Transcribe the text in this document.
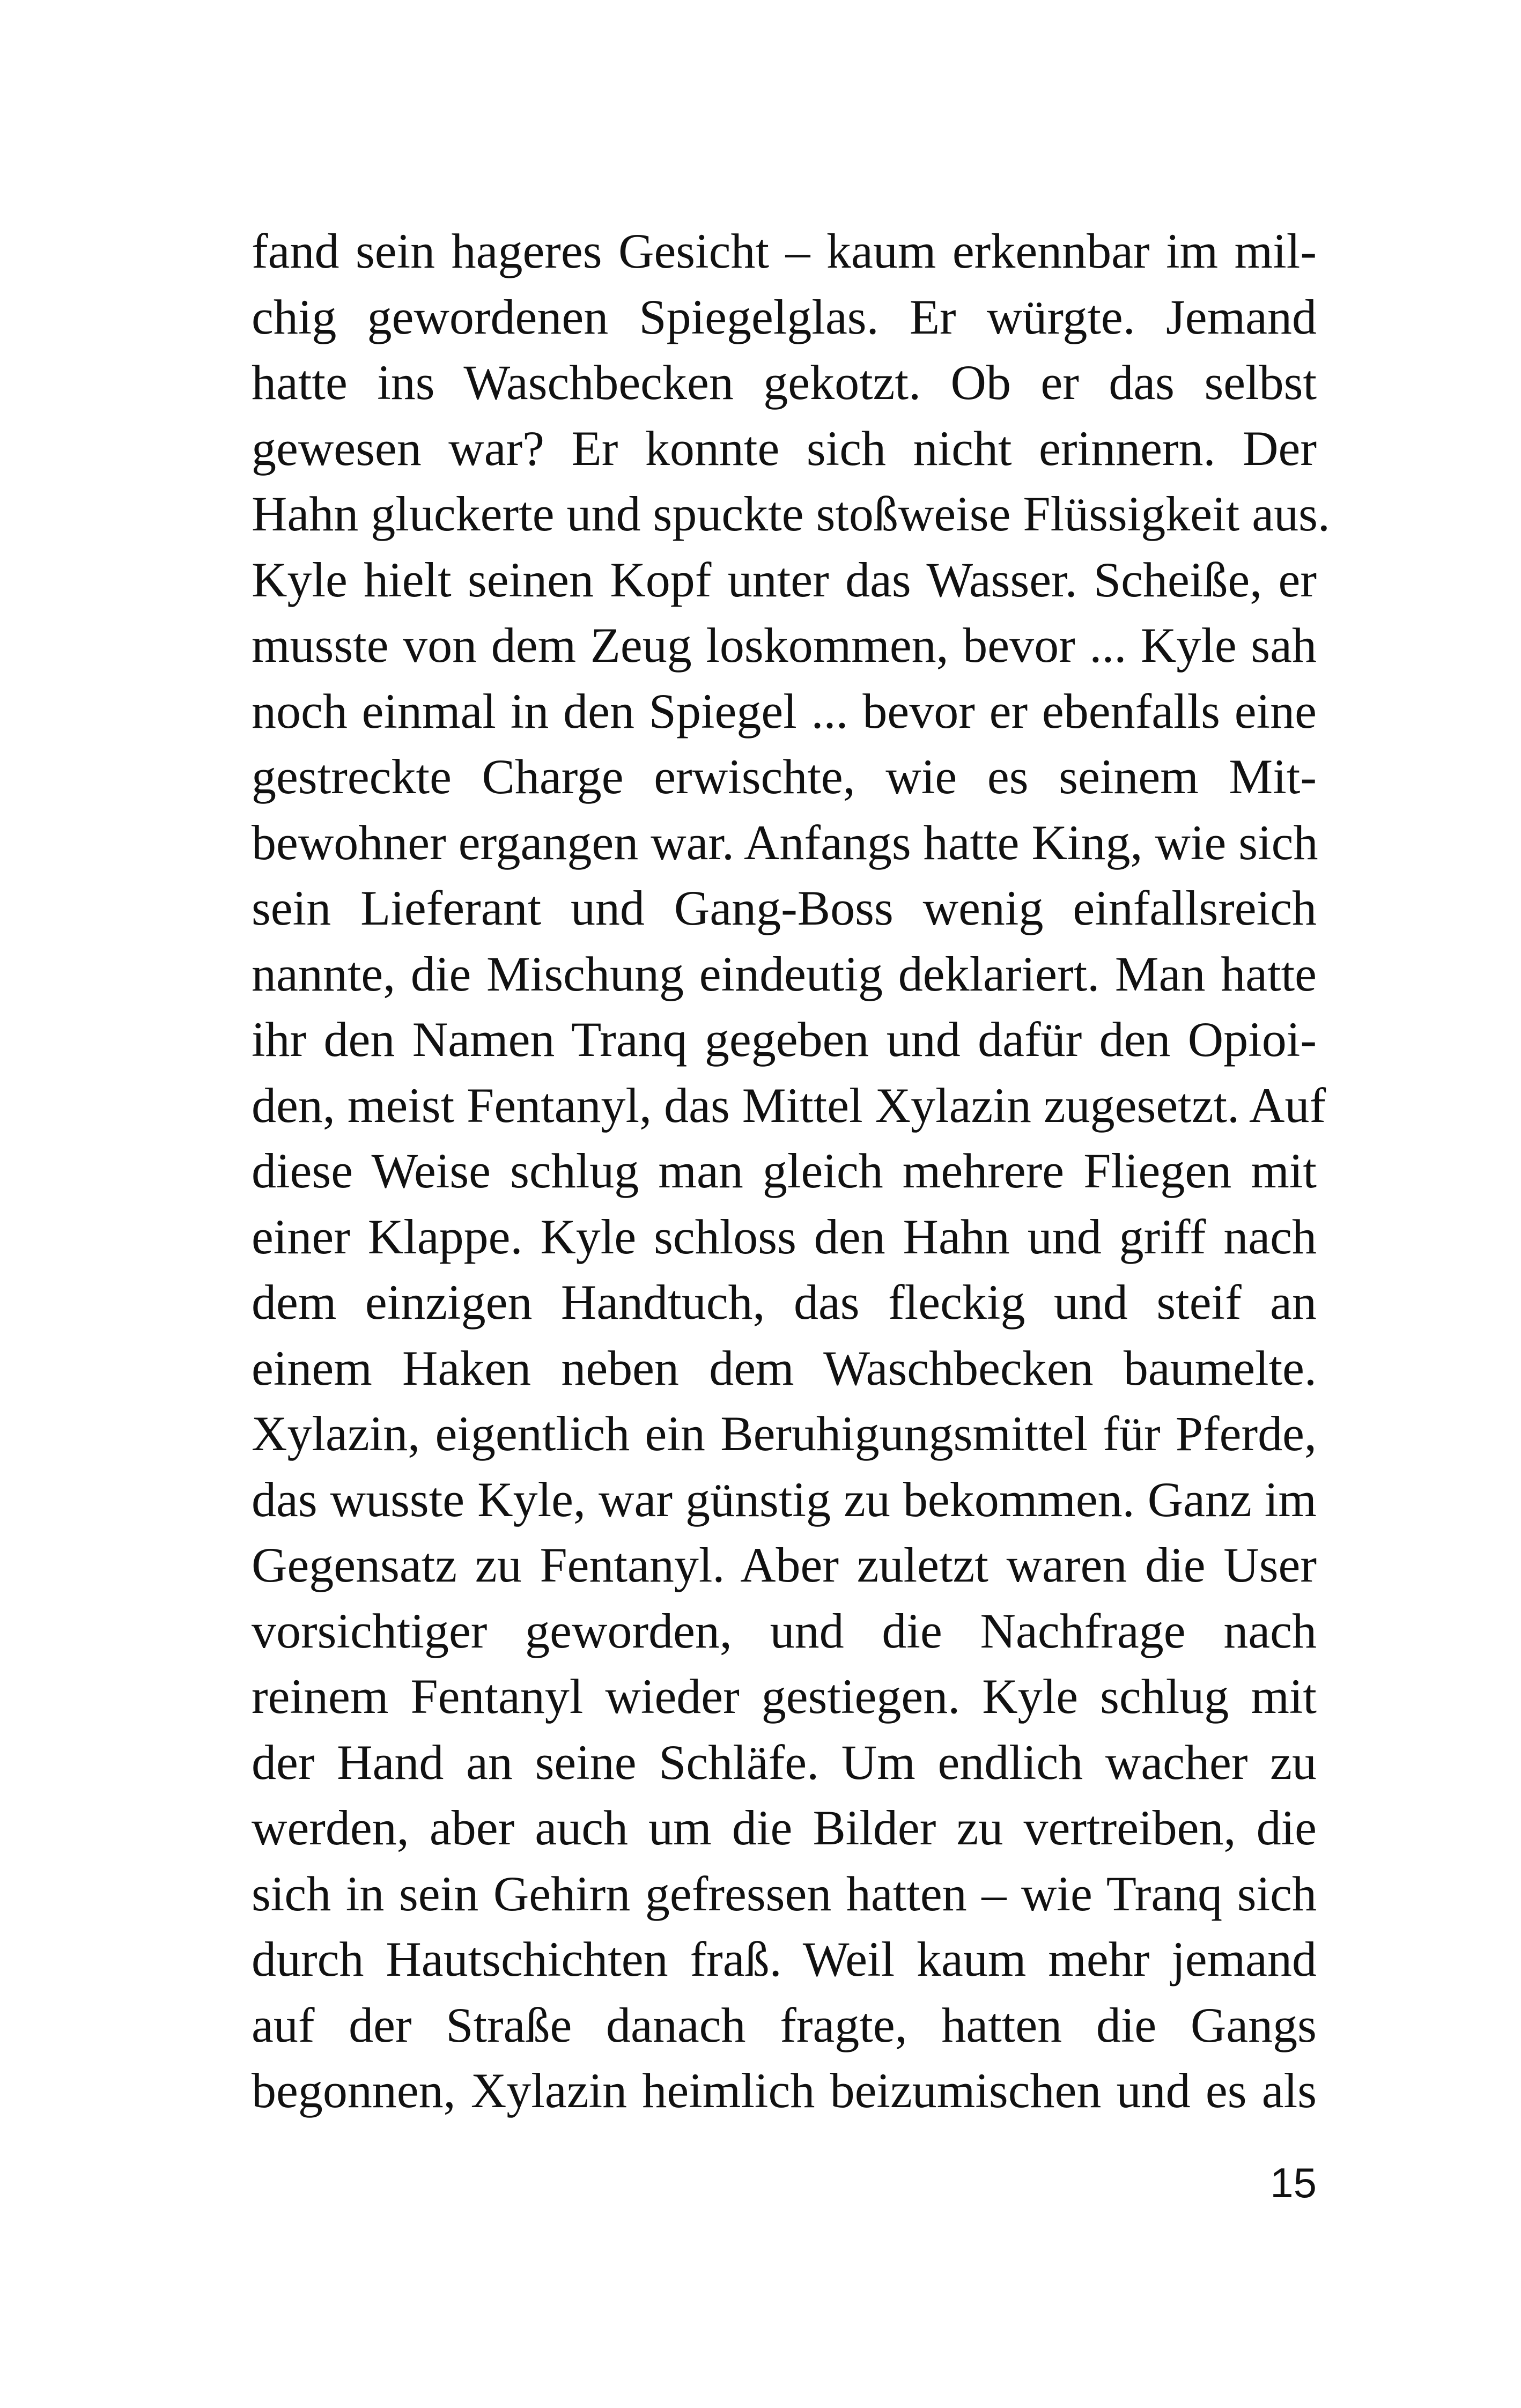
fand sein hageres Gesicht – kaum erkennbar im mil-
chig gewordenen Spiegelglas. Er würgte. Jemand
hatte ins Waschbecken gekotzt. Ob er das selbst
gewesen war? Er konnte sich nicht erinnern. Der
Hahn gluckerte und spuckte stoßweise Flüssigkeit aus.
Kyle hielt seinen Kopf unter das Wasser. Scheiße, er
musste von dem Zeug loskommen, bevor ... Kyle sah
noch einmal in den Spiegel ... bevor er ebenfalls eine
gestreckte Charge erwischte, wie es seinem Mit-
bewohner ergangen war. Anfangs hatte King, wie sich
sein Lieferant und Gang-Boss wenig einfallsreich
nannte, die Mischung eindeutig deklariert. Man hatte
ihr den Namen Tranq gegeben und dafür den Opioi-
den, meist Fentanyl, das Mittel Xylazin zugesetzt. Auf
diese Weise schlug man gleich mehrere Fliegen mit
einer Klappe. Kyle schloss den Hahn und griff nach
dem einzigen Handtuch, das fleckig und steif an
einem Haken neben dem Waschbecken baumelte.
Xylazin, eigentlich ein Beruhigungsmittel für Pferde,
das wusste Kyle, war günstig zu bekommen. Ganz im
Gegensatz zu Fentanyl. Aber zuletzt waren die User
vorsichtiger geworden, und die Nachfrage nach
reinem Fentanyl wieder gestiegen. Kyle schlug mit
der Hand an seine Schläfe. Um endlich wacher zu
werden, aber auch um die Bilder zu vertreiben, die
sich in sein Gehirn gefressen hatten – wie Tranq sich
durch Hautschichten fraß. Weil kaum mehr jemand
auf der Straße danach fragte, hatten die Gangs
begonnen, Xylazin heimlich beizumischen und es als
15
